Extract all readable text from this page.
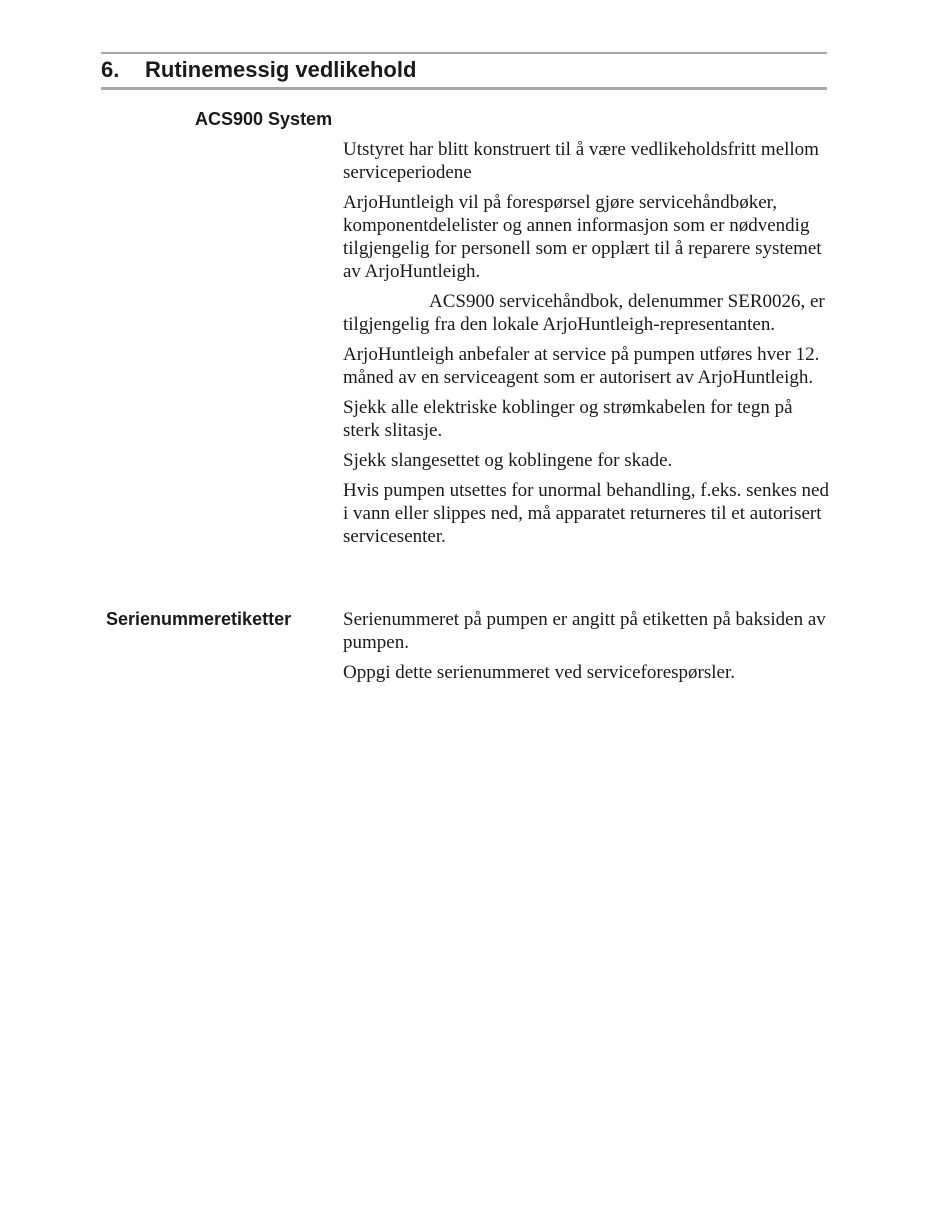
6. Rutinemessig vedlikehold
ACS900 System

Utstyret har blitt konstruert til å være vedlikeholdsfritt mellom serviceperiodene

ArjoHuntleigh vil på forespørsel gjøre servicehåndbøker, komponentdelelister og annen informasjon som er nødvendig tilgjengelig for personell som er opplært til å reparere systemet av ArjoHuntleigh.

ACS900 servicehåndbok, delenummer SER0026, er tilgjengelig fra den lokale ArjoHuntleigh-representanten.

ArjoHuntleigh anbefaler at service på pumpen utføres hver 12. måned av en serviceagent som er autorisert av ArjoHuntleigh.

Sjekk alle elektriske koblinger og strømkabelen for tegn på sterk slitasje.

Sjekk slangesettet og koblingene for skade.

Hvis pumpen utsettes for unormal behandling, f.eks. senkes ned i vann eller slippes ned, må apparatet returneres til et autorisert servicesenter.

Serienummeretiketter	Serienummeret på pumpen er angitt på etiketten på baksiden av pumpen.

Oppgi dette serienummeret ved serviceforespørsler.
